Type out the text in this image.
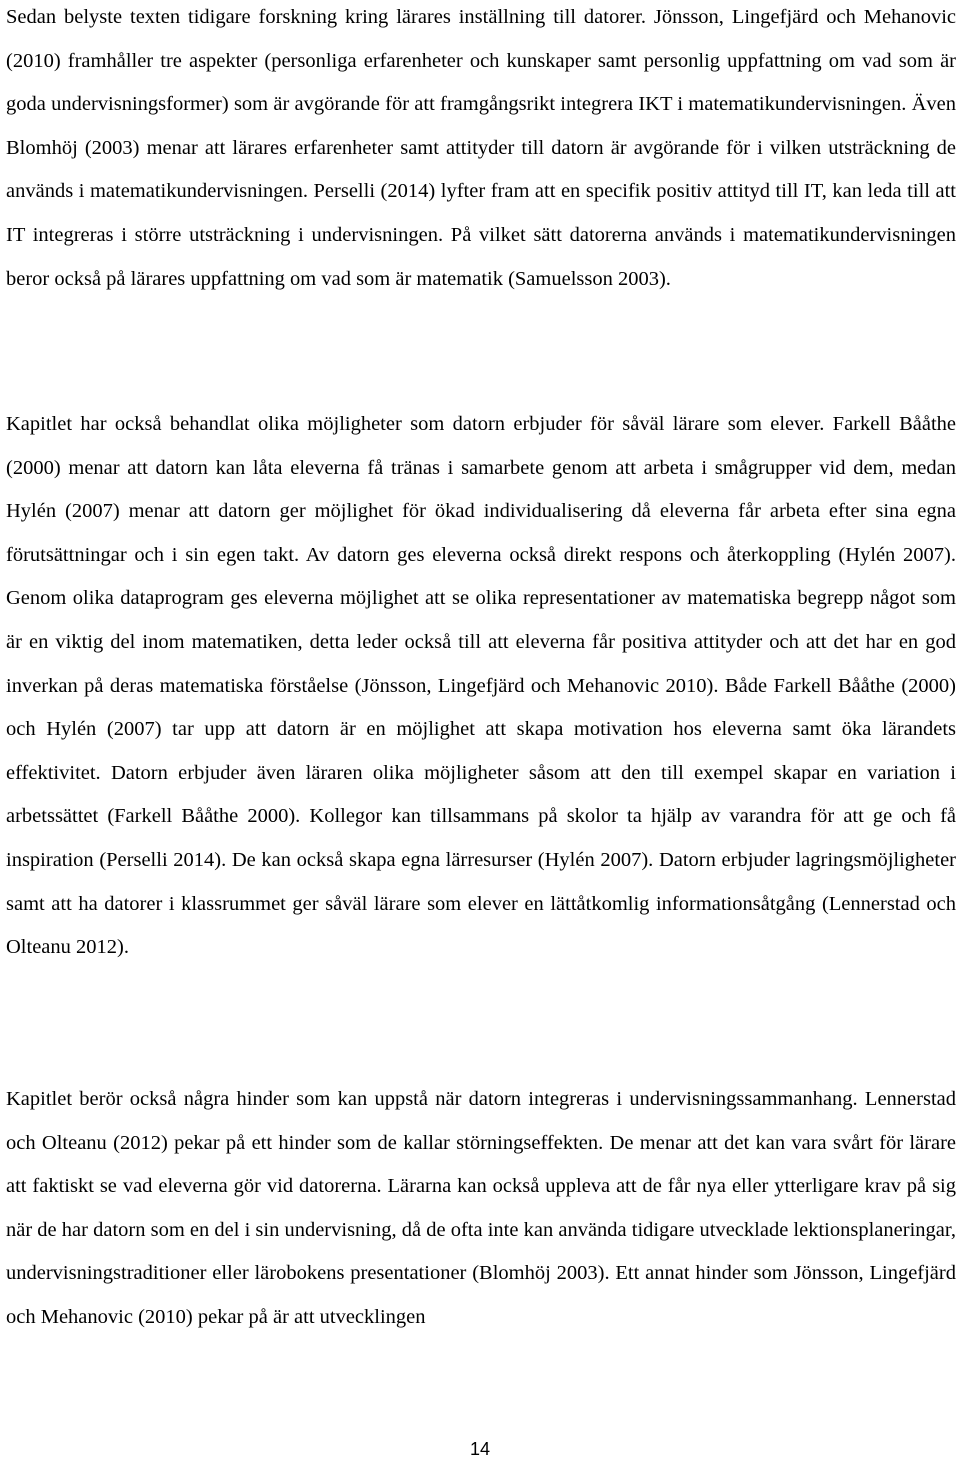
Sedan belyste texten tidigare forskning kring lärares inställning till datorer. Jönsson, Lingefjärd och Mehanovic (2010) framhåller tre aspekter (personliga erfarenheter och kunskaper samt personlig uppfattning om vad som är goda undervisningsformer) som är avgörande för att framgångsrikt integrera IKT i matematikundervisningen. Även Blomhöj (2003) menar att lärares erfarenheter samt attityder till datorn är avgörande för i vilken utsträckning de används i matematikundervisningen. Perselli (2014) lyfter fram att en specifik positiv attityd till IT, kan leda till att IT integreras i större utsträckning i undervisningen. På vilket sätt datorerna används i matematikundervisningen beror också på lärares uppfattning om vad som är matematik (Samuelsson 2003).

Kapitlet har också behandlat olika möjligheter som datorn erbjuder för såväl lärare som elever. Farkell Bååthe (2000) menar att datorn kan låta eleverna få tränas i samarbete genom att arbeta i smågrupper vid dem, medan Hylén (2007) menar att datorn ger möjlighet för ökad individualisering då eleverna får arbeta efter sina egna förutsättningar och i sin egen takt. Av datorn ges eleverna också direkt respons och återkoppling (Hylén 2007). Genom olika dataprogram ges eleverna möjlighet att se olika representationer av matematiska begrepp något som är en viktig del inom matematiken, detta leder också till att eleverna får positiva attityder och att det har en god inverkan på deras matematiska förståelse (Jönsson, Lingefjärd och Mehanovic 2010). Både Farkell Bååthe (2000) och Hylén (2007) tar upp att datorn är en möjlighet att skapa motivation hos eleverna samt öka lärandets effektivitet. Datorn erbjuder även läraren olika möjligheter såsom att den till exempel skapar en variation i arbetssättet (Farkell Bååthe 2000). Kollegor kan tillsammans på skolor ta hjälp av varandra för att ge och få inspiration (Perselli 2014). De kan också skapa egna lärresurser (Hylén 2007). Datorn erbjuder lagringsmöjligheter samt att ha datorer i klassrummet ger såväl lärare som elever en lättåtkomlig informationsåtgång (Lennerstad och Olteanu 2012).

Kapitlet berör också några hinder som kan uppstå när datorn integreras i undervisningssammanhang. Lennerstad och Olteanu (2012) pekar på ett hinder som de kallar störningseffekten. De menar att det kan vara svårt för lärare att faktiskt se vad eleverna gör vid datorerna. Lärarna kan också uppleva att de får nya eller ytterligare krav på sig när de har datorn som en del i sin undervisning, då de ofta inte kan använda tidigare utvecklade lektionsplaneringar, undervisningstraditioner eller lärobokens presentationer (Blomhöj 2003). Ett annat hinder som Jönsson, Lingefjärd och Mehanovic (2010) pekar på är att utvecklingen

14
